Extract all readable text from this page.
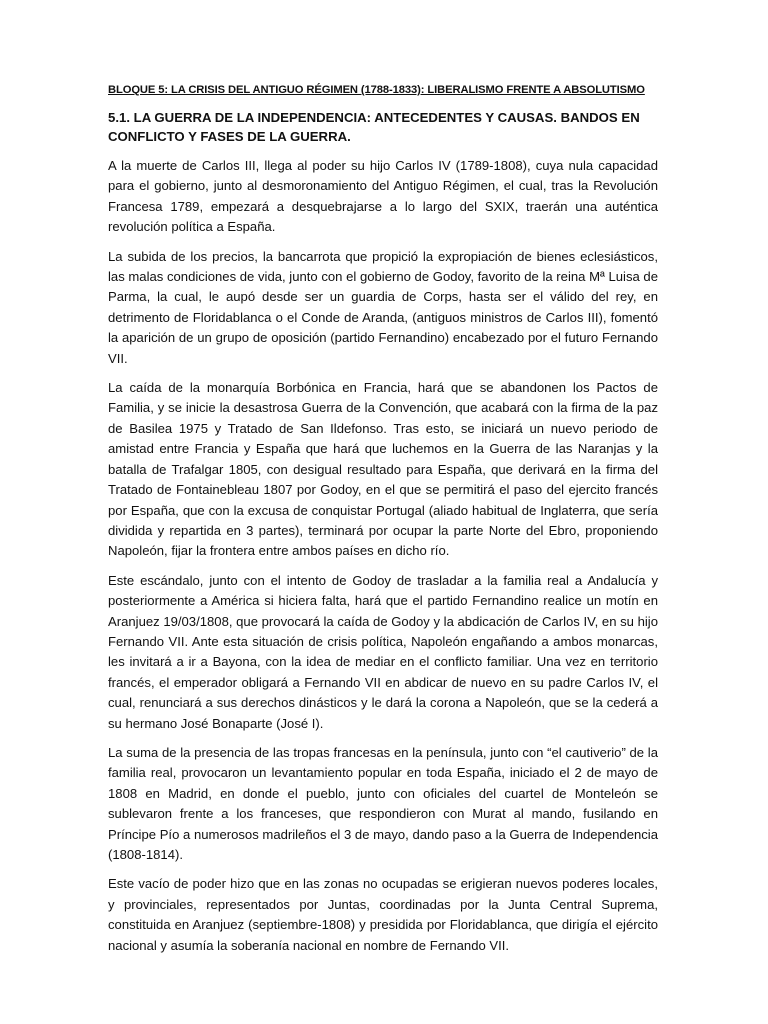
BLOQUE 5: LA CRISIS DEL ANTIGUO RÉGIMEN (1788-1833): LIBERALISMO FRENTE A ABSOLUTISMO
5.1. LA GUERRA DE LA INDEPENDENCIA: ANTECEDENTES Y CAUSAS. BANDOS EN CONFLICTO Y FASES DE LA GUERRA.

A la muerte de Carlos III, llega al poder su hijo Carlos IV (1789-1808), cuya nula capacidad para el gobierno, junto al desmoronamiento del Antiguo Régimen, el cual, tras la Revolución Francesa 1789, empezará a desquebrajarse a lo largo del SXIX, traerán una auténtica revolución política a España.

La subida de los precios, la bancarrota que propició la expropiación de bienes eclesiásticos, las malas condiciones de vida, junto con el gobierno de Godoy, favorito de la reina Mª Luisa de Parma, la cual, le aupó desde ser un guardia de Corps, hasta ser el válido del rey, en detrimento de Floridablanca o el Conde de Aranda, (antiguos ministros de Carlos III), fomentó la aparición de un grupo de oposición (partido Fernandino) encabezado por el futuro Fernando VII.

La caída de la monarquía Borbónica en Francia, hará que se abandonen los Pactos de Familia, y se inicie la desastrosa Guerra de la Convención, que acabará con la firma de la paz de Basilea 1975 y Tratado de San Ildefonso. Tras esto, se iniciará un nuevo periodo de amistad entre Francia y España que hará que luchemos en la Guerra de las Naranjas y la batalla de Trafalgar 1805, con desigual resultado para España, que derivará en la firma del Tratado de Fontainebleau 1807 por Godoy, en el que se permitirá el paso del ejercito francés por España, que con la excusa de conquistar Portugal (aliado habitual de Inglaterra, que sería dividida y repartida en 3 partes), terminará por ocupar la parte Norte del Ebro, proponiendo Napoleón, fijar la frontera entre ambos países en dicho río.

Este escándalo, junto con el intento de Godoy de trasladar a la familia real a Andalucía y posteriormente a América si hiciera falta, hará que el partido Fernandino realice un motín en Aranjuez 19/03/1808, que provocará la caída de Godoy y la abdicación de Carlos IV, en su hijo Fernando VII. Ante esta situación de crisis política, Napoleón engañando a ambos monarcas, les invitará a ir a Bayona, con la idea de mediar en el conflicto familiar. Una vez en territorio francés, el emperador obligará a Fernando VII en abdicar de nuevo en su padre Carlos IV, el cual, renunciará a sus derechos dinásticos y le dará la corona a Napoleón, que se la cederá a su hermano José Bonaparte (José I).

La suma de la presencia de las tropas francesas en la península, junto con “el cautiverio” de la familia real, provocaron un levantamiento popular en toda España, iniciado el 2 de mayo de 1808 en Madrid, en donde el pueblo, junto con oficiales del cuartel de Monteleón se sublevaron frente a los franceses, que respondieron con Murat al mando, fusilando en Príncipe Pío a numerosos madrileños el 3 de mayo, dando paso a la Guerra de Independencia (1808-1814).

Este vacío de poder hizo que en las zonas no ocupadas se erigieran nuevos poderes locales, y provinciales, representados por Juntas, coordinadas por la Junta Central Suprema, constituida en Aranjuez (septiembre-1808) y presidida por Floridablanca, que dirigía el ejército nacional y asumía la soberanía nacional en nombre de Fernando VII.
